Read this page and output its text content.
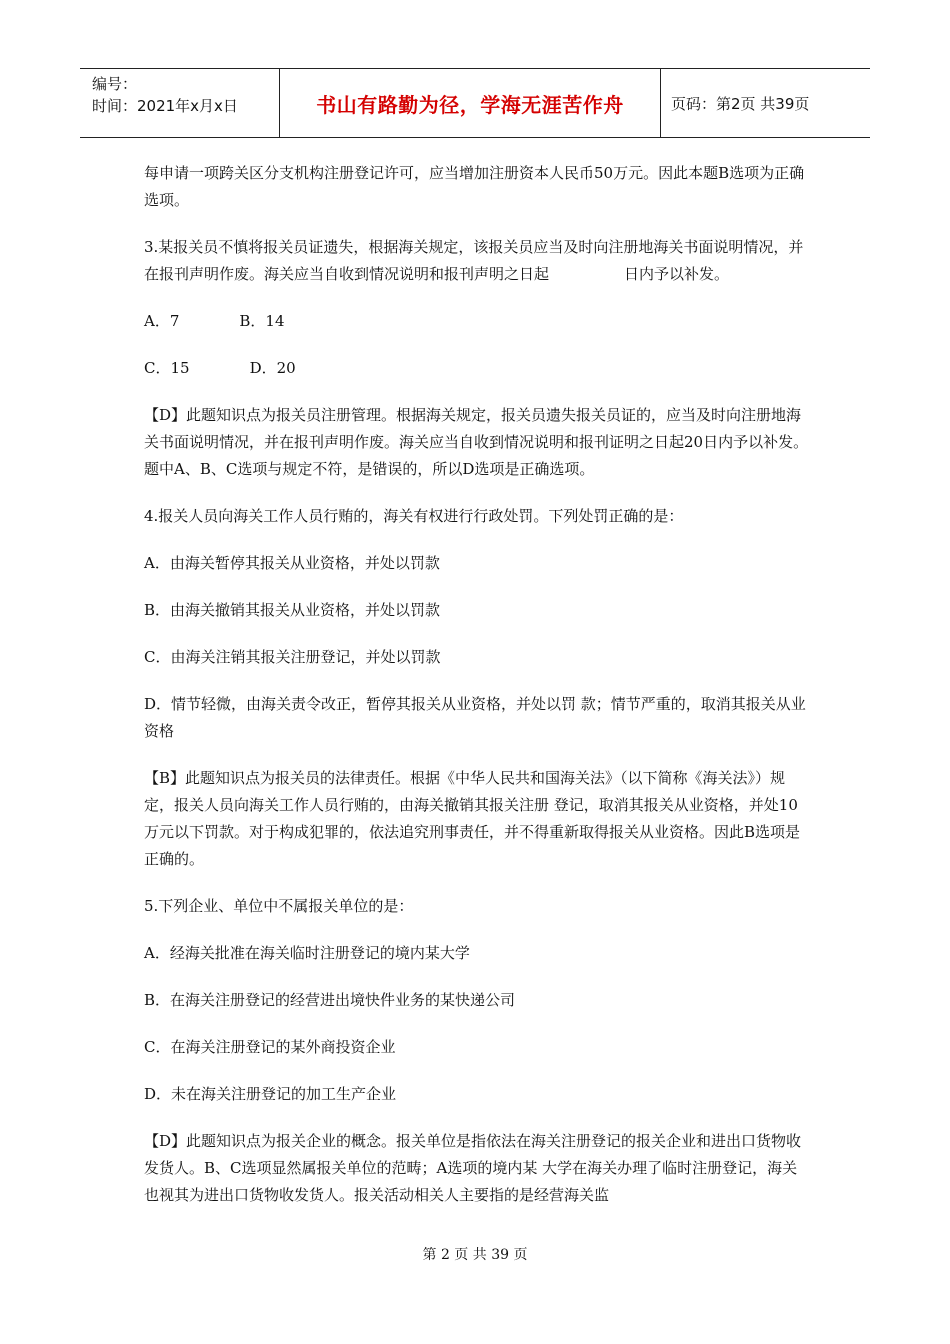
编号：
时间：2021年x月x日	书山有路勤为径，学海无涯苦作舟	页码：第2页 共39页

每申请一项跨关区分支机构注册登记许可，应当增加注册资本人民币50万元。因此本题B选项为正确选项。

3.某报关员不慎将报关员证遗失，根据海关规定，该报关员应当及时向注册地海关书面说明情况，并在报刊声明作废。海关应当自收到情况说明和报刊声明之日起　　　　　日内予以补发。

A．7　　　　B．14

C．15　　　　D．20

【D】此题知识点为报关员注册管理。根据海关规定，报关员遗失报关员证的，应当及时向注册地海关书面说明情况，并在报刊声明作废。海关应当自收到情况说明和报刊证明之日起20日内予以补发。题中A、B、C选项与规定不符，是错误的，所以D选项是正确选项。

4.报关人员向海关工作人员行贿的，海关有权进行行政处罚。下列处罚正确的是：

A．由海关暂停其报关从业资格，并处以罚款

B．由海关撤销其报关从业资格，并处以罚款

C．由海关注销其报关注册登记，并处以罚款

D．情节轻微，由海关责令改正，暂停其报关从业资格，并处以罚 款；情节严重的，取消其报关从业资格

【B】此题知识点为报关员的法律责任。根据《中华人民共和国海关法》（以下简称《海关法》）规定，报关人员向海关工作人员行贿的，由海关撤销其报关注册 登记，取消其报关从业资格，并处10万元以下罚款。对于构成犯罪的，依法追究刑事责任，并不得重新取得报关从业资格。因此B选项是正确的。

5.下列企业、单位中不属报关单位的是：

A．经海关批准在海关临时注册登记的境内某大学

B．在海关注册登记的经营进出境快件业务的某快递公司

C．在海关注册登记的某外商投资企业

D．未在海关注册登记的加工生产企业

【D】此题知识点为报关企业的概念。报关单位是指依法在海关注册登记的报关企业和进出口货物收发货人。B、C选项显然属报关单位的范畴；A选项的境内某 大学在海关办理了临时注册登记，海关也视其为进出口货物收发货人。报关活动相关人主要指的是经营海关监

第 2 页 共 39 页
